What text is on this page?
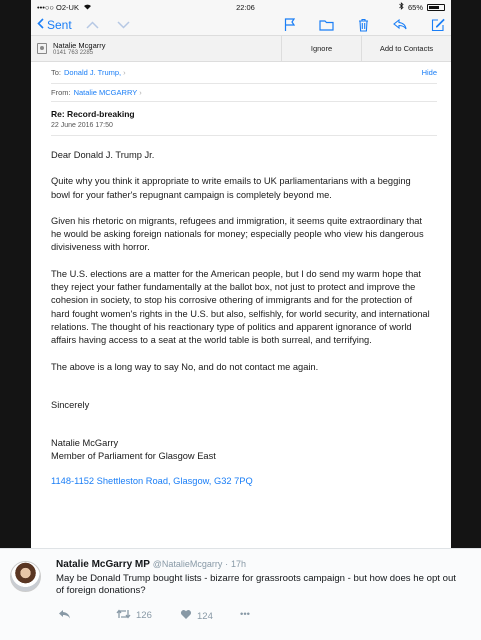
•••○○ O2-UK	22:06	65%
Sent
Natalie Mcgarry
0141 763 2285	Ignore	Add to Contacts
To: Donald J. Trump, ›	Hide
From: Natalie MCGARRY ›
Re: Record-breaking
22 June 2016 17:50

Dear Donald J. Trump Jr.

Quite why you think it appropriate to write emails to UK parliamentarians with a begging bowl for your father's repugnant campaign is completely beyond me.

Given his rhetoric on migrants, refugees and immigration, it seems quite extraordinary that he would be asking foreign nationals for money; especially people who view his dangerous divisiveness with horror.

The U.S. elections are a matter for the American people, but I do send my warm hope that they reject your father fundamentally at the ballot box, not just to protect and improve the cohesion in society, to stop his corrosive othering of immigrants and for the protection of hard fought women's rights in the U.S. but also, selfishly, for world security, and international relations. The thought of his reactionary type of politics and apparent ignorance of world affairs having access to a seat at the world table is both surreal, and terrifying.

The above is a long way to say No, and do not contact me again.

Sincerely

Natalie McGarry

Member of Parliament for Glasgow East

1148-1152 Shettleston Road, Glasgow, G32 7PQ
Natalie McGarry MP @NatalieMcgarry · 17h
May be Donald Trump bought lists - bizarre for grassroots campaign - but how does he opt out of foreign donations?
126	124	•••
